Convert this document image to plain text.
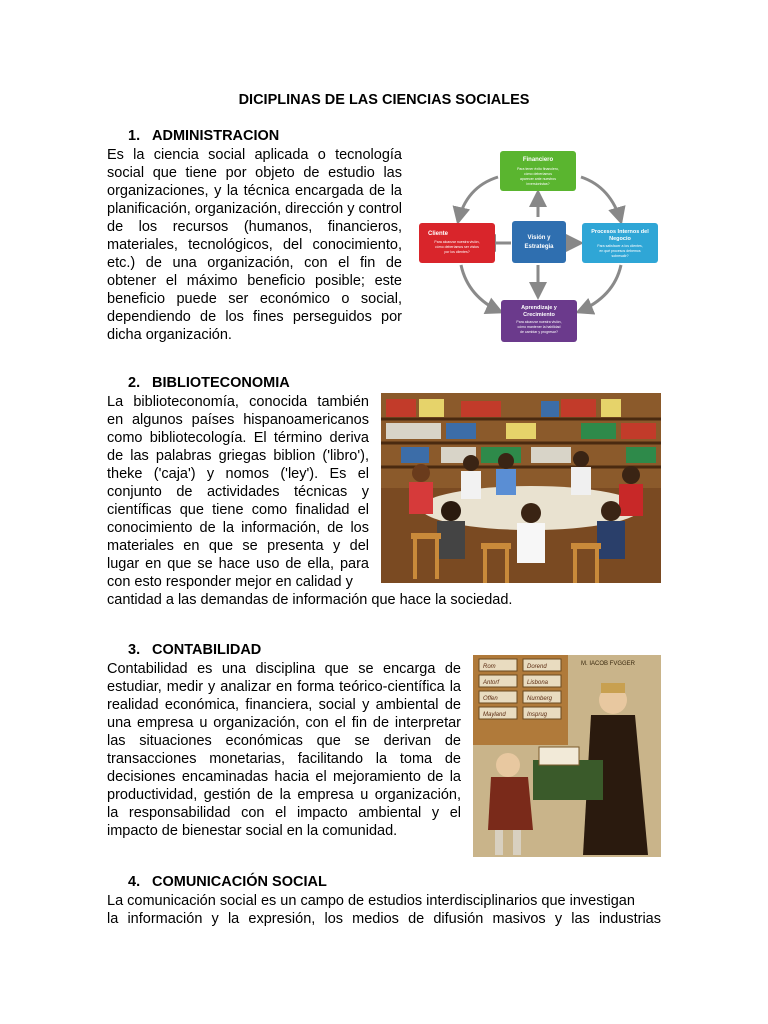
DICIPLINAS DE LAS CIENCIAS SOCIALES
1. ADMINISTRACION
Es la ciencia social aplicada o tecnología social que tiene por objeto de estudio las organizaciones, y la técnica encargada de la planificación, organización, dirección y control de los recursos (humanos, financieros, materiales, tecnológicos, del conocimiento, etc.) de una organización, con el fin de obtener el máximo beneficio posible; este beneficio puede ser económico o social, dependiendo de los fines perseguidos por dicha organización.
Financiero
Para tener éxito financiero,
cómo deberíamos
aparecer ante nuestros
inversionistas?
Cliente
Para alcanzar nuestra visión,
cómo deberíamos ser vistos
por los clientes?
Visión y
Estrategia
Procesos Internos del
Negocio
Para satisfacer a los clientes,
en qué procesos debemos
sobresalir?
Aprendizaje y
Crecimiento
Para alcanzar nuestra visión,
cómo mantener la habilidad
de cambiar y progresar?
2. BIBLIOTECONOMIA
La biblioteconomía, conocida también en algunos países hispanoamericanos como bibliotecología. El término deriva de las palabras griegas biblion ('libro'), theke ('caja') y nomos ('ley'). Es el conjunto de actividades técnicas y científicas que tiene como finalidad el conocimiento de la información, de los materiales en que se presenta y del lugar en que se hace uso de ella, para con esto responder mejor en calidad y
cantidad a las demandas de información que hace la sociedad.
3. CONTABILIDAD
Contabilidad es una disciplina que se encarga de estudiar, medir y analizar en forma teórico-científica la realidad económica, financiera, social y ambiental de una empresa u organización, con el fin de interpretar las situaciones económicas que se derivan de transacciones monetarias, facilitando la toma de decisiones encaminadas hacia el mejoramiento de la productividad, gestión de la empresa u organización, la responsabilidad con el impacto ambiental y el impacto de bienestar social en la comunidad.
Rom	Dorend
Antorf	Lisbona
Offen	Nurnberg
Mayland	Insprug
M. IACOB FVGGER
4. COMUNICACIÓN SOCIAL
La comunicación social es un campo de estudios interdisciplinarios que investigan
la información y la expresión, los medios de difusión masivos y las industrias
